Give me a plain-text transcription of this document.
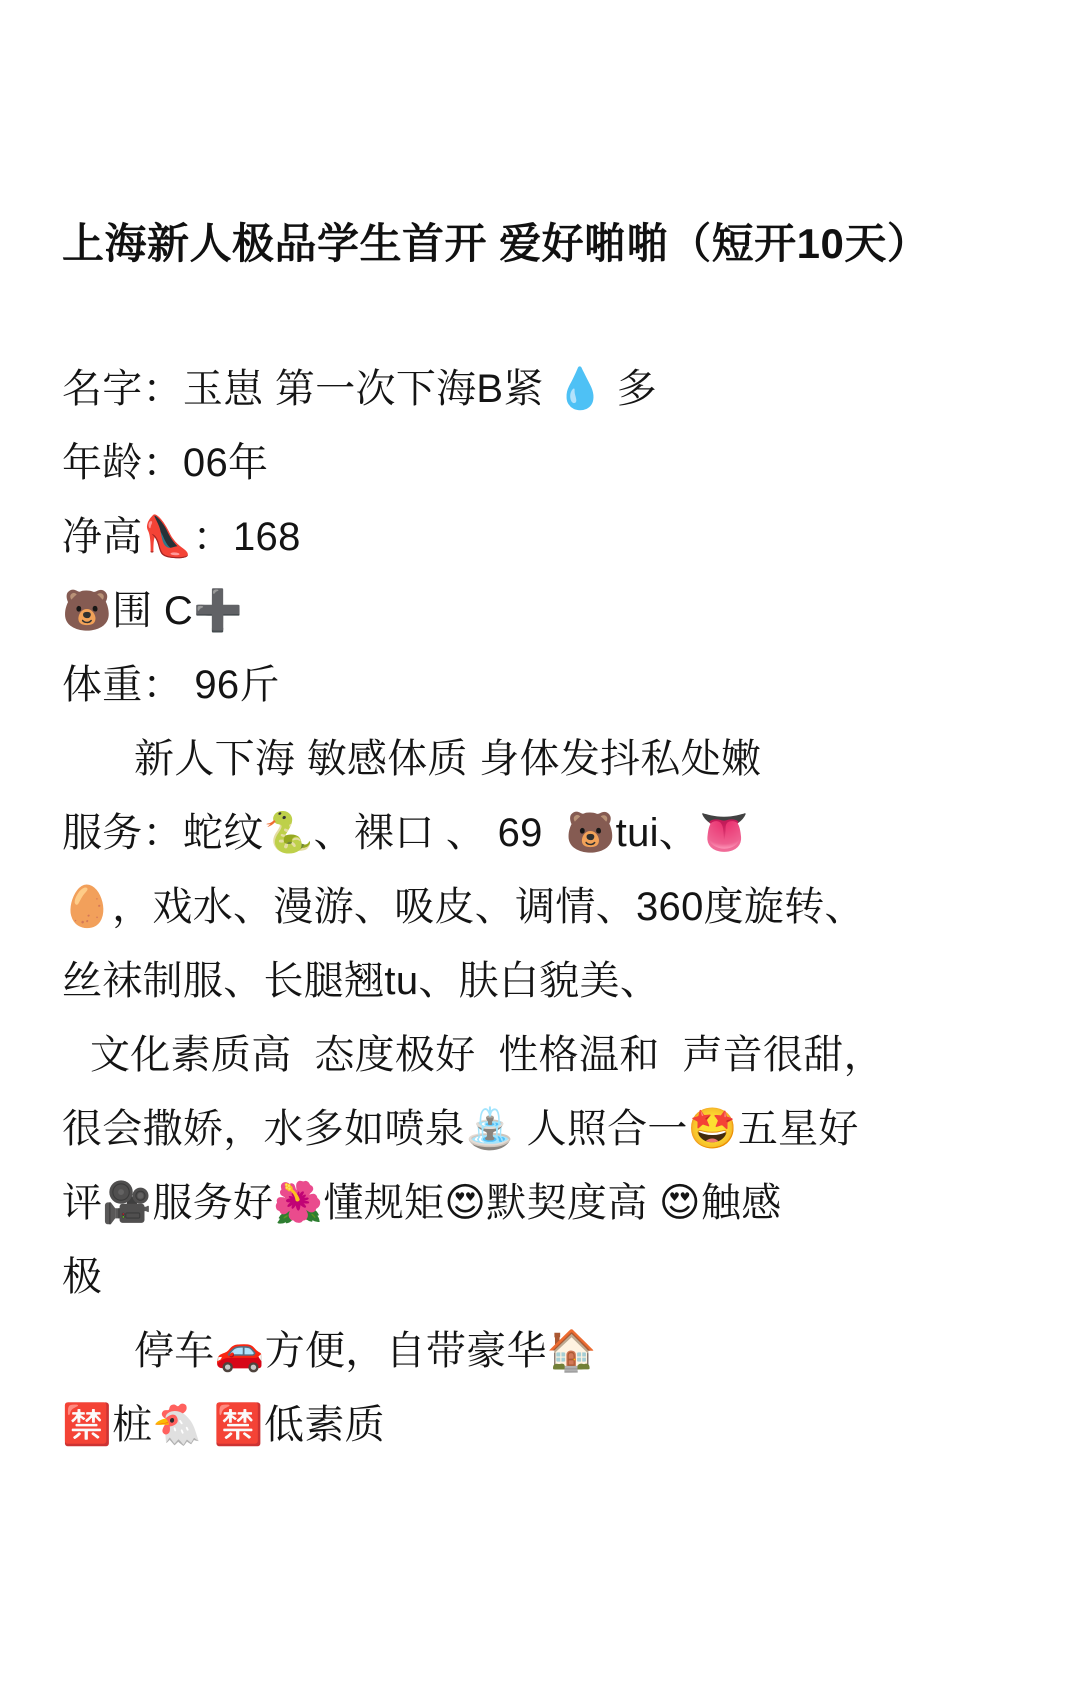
上海新人极品学生首开 爱好啪啪（短开10天）
名字：玉崽 第一次下海B紧 💧 多
年龄：06年
净高👠：168
🐻围 C➕
体重： 96斤
新人下海 敏感体质 身体发抖私处嫩
服务：蛇纹🐍、裸口 、 69  🐻tui、👅
🥚，戏水、漫游、吸皮、调情、360度旋转、
丝袜制服、长腿翘tu、肤白貌美、
文化素质高  态度极好  性格温和  声音很甜，
很会撒娇，水多如喷泉⛲ 人照合一🤩五星好
评🎥服务好🌺懂规矩😍默契度高 😍触感
极
停车🚗方便，自带豪华🏠
🈲桩🐔 🈲低素质
